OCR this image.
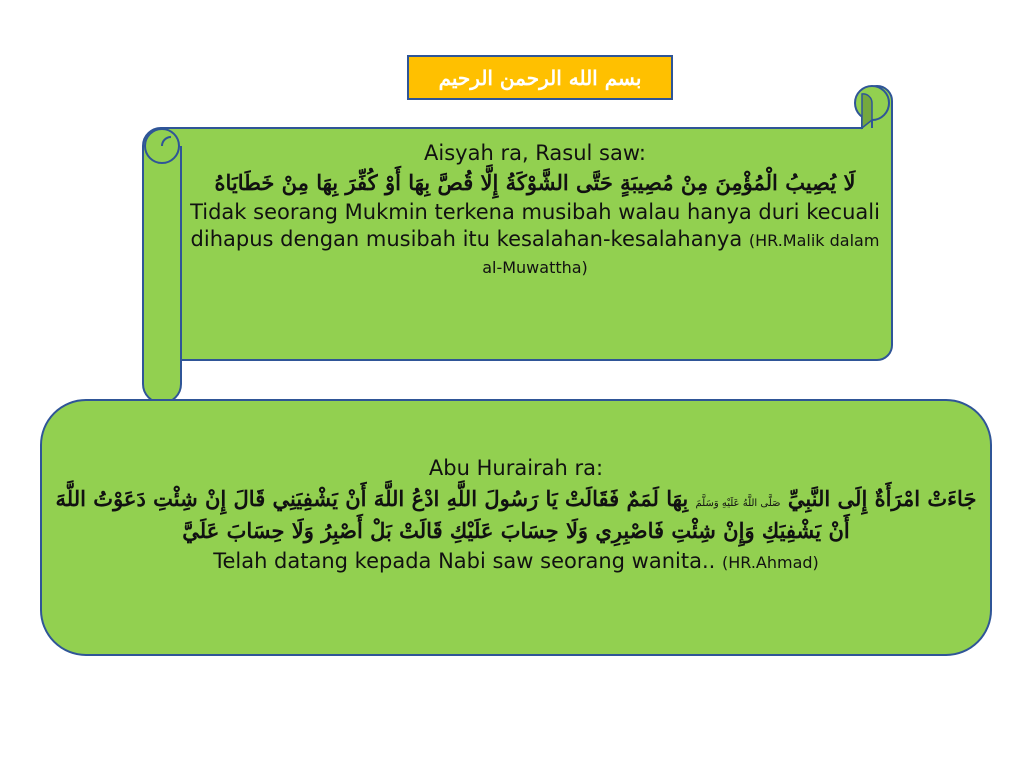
بسم الله الرحمن الرحيم
Aisyah ra, Rasul saw:
لَا يُصِيبُ الْمُؤْمِنَ مِنْ مُصِيبَةٍ حَتَّى الشَّوْكَةُ إِلَّا قُصَّ بِهَا أَوْ كُفِّرَ بِهَا مِنْ خَطَايَاهُ
Tidak seorang Mukmin terkena musibah walau hanya duri kecuali dihapus dengan musibah itu kesalahan-kesalahanya (HR.Malik dalam al-Muwattha)
Abu Hurairah ra:
جَاءَتْ امْرَأَةٌ إِلَى النَّبِيِّ صَلَّى اللَّهُ عَلَيْهِ وَسَلَّمَ بِهَا لَمَمٌ فَقَالَتْ يَا رَسُولَ اللَّهِ ادْعُ اللَّهَ أَنْ يَشْفِيَنِي قَالَ إِنْ شِئْتِ دَعَوْتُ اللَّهَ أَنْ يَشْفِيَكِ وَإِنْ شِئْتِ فَاصْبِرِي وَلَا حِسَابَ عَلَيْكِ قَالَتْ بَلْ أَصْبِرُ وَلَا حِسَابَ عَلَيَّ
Telah datang kepada Nabi saw seorang wanita.. (HR.Ahmad)
